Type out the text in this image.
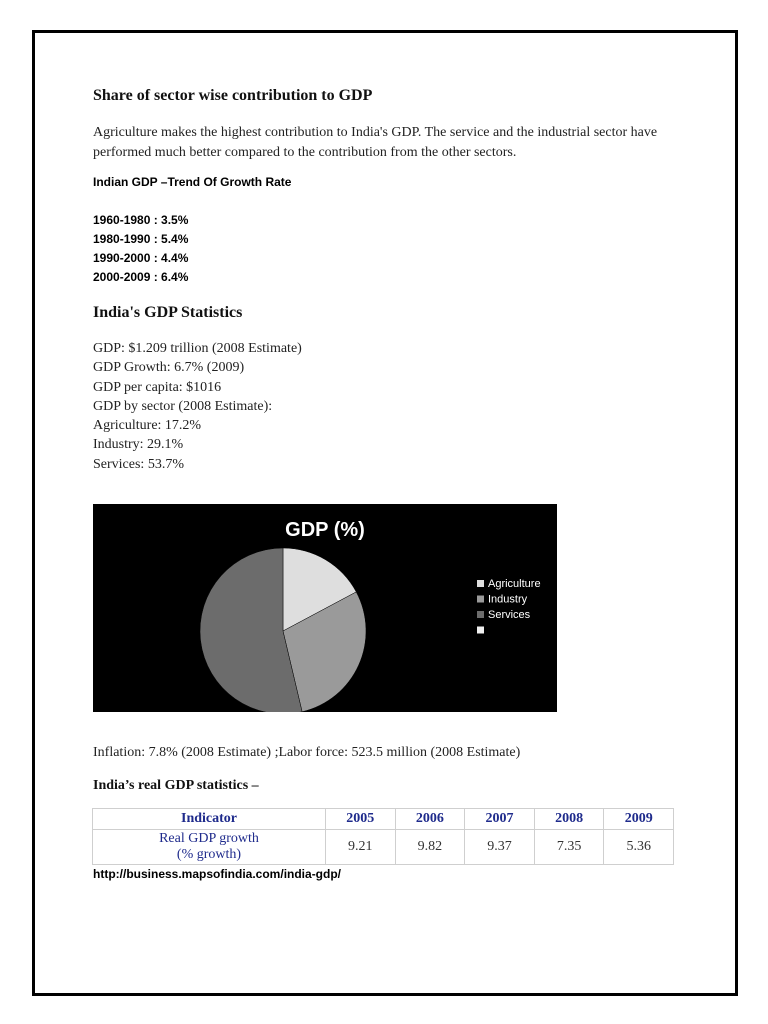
Share of sector wise contribution to GDP
Agriculture makes the highest contribution to India's GDP. The service and the industrial sector have performed much better compared to the contribution from the other sectors.
Indian GDP –Trend Of Growth Rate
1960-1980 : 3.5%
1980-1990 : 5.4%
1990-2000 : 4.4%
2000-2009 : 6.4%
India's GDP Statistics
GDP: $1.209 trillion (2008 Estimate)
GDP Growth: 6.7% (2009)
GDP per capita: $1016
GDP by sector (2008 Estimate):
Agriculture: 17.2%
Industry: 29.1%
Services: 53.7%
GDP (%)
Agriculture
Industry
Services
Inflation: 7.8% (2008 Estimate) ;Labor force: 523.5 million (2008 Estimate)
India’s real GDP statistics –
Indicator	2005	2006	2007	2008	2009

Real GDP growth
(% growth)	9.21	9.82	9.37	7.35	5.36
http://business.mapsofindia.com/india-gdp/
